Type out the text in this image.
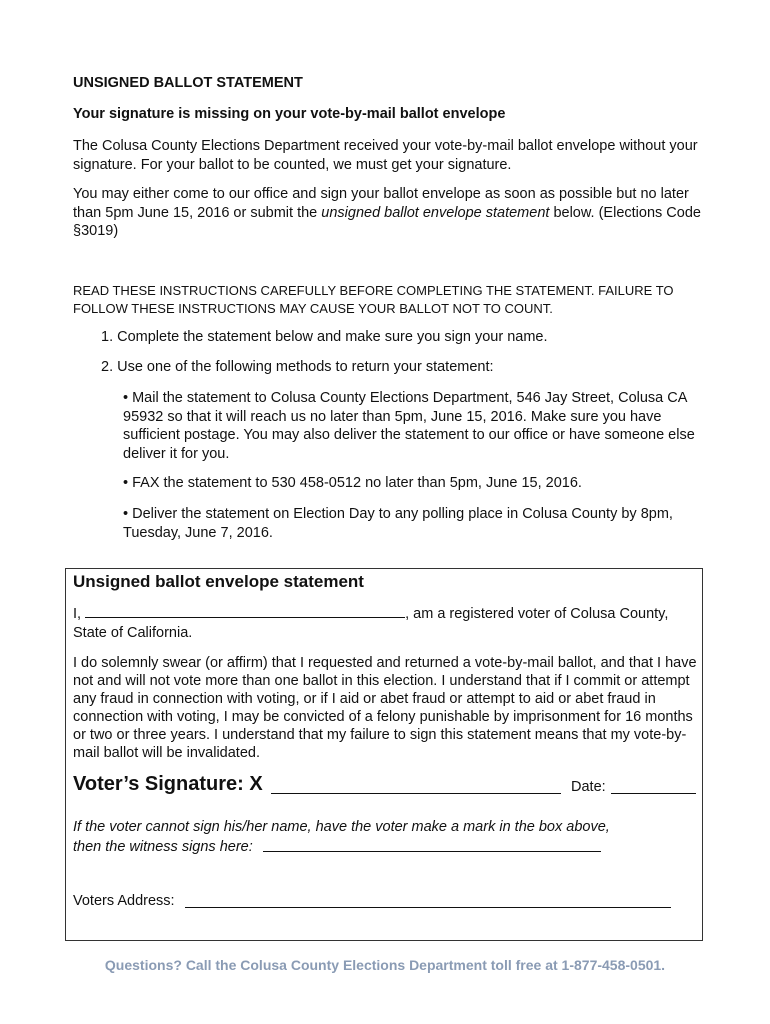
UNSIGNED BALLOT STATEMENT
Your signature is missing on your vote-by-mail ballot envelope
The Colusa County Elections Department received your vote-by-mail ballot envelope without your signature. For your ballot to be counted, we must get your signature.
You may either come to our office and sign your ballot envelope as soon as possible but no later than 5pm June 15, 2016 or submit the unsigned ballot envelope statement below. (Elections Code §3019)
READ THESE INSTRUCTIONS CAREFULLY BEFORE COMPLETING THE STATEMENT. FAILURE TO FOLLOW THESE INSTRUCTIONS MAY CAUSE YOUR BALLOT NOT TO COUNT.
1. Complete the statement below and make sure you sign your name.
2. Use one of the following methods to return your statement:
• Mail the statement to Colusa County Elections Department, 546 Jay Street, Colusa CA 95932 so that it will reach us no later than 5pm, June 15, 2016. Make sure you have sufficient postage. You may also deliver the statement to our office or have someone else deliver it for you.
• FAX the statement to 530 458-0512 no later than 5pm, June 15, 2016.
• Deliver the statement on Election Day to any polling place in Colusa County by 8pm, Tuesday, June 7, 2016.
Unsigned ballot envelope statement
I,	, am a registered voter of Colusa County,
State of California.
I do solemnly swear (or affirm) that I requested and returned a vote-by-mail ballot, and that I have not and will not vote more than one ballot in this election. I understand that if I commit or attempt any fraud in connection with voting, or if I aid or abet fraud or attempt to aid or abet fraud in connection with voting, I may be convicted of a felony punishable by imprisonment for 16 months or two or three years. I understand that my failure to sign this statement means that my vote-by-mail ballot will be invalidated.
Voter’s Signature: X	Date:
If the voter cannot sign his/her name, have the voter make a mark in the box above,
then the witness signs here:
Voters Address:
Questions? Call the Colusa County Elections Department toll free at 1-877-458-0501.
